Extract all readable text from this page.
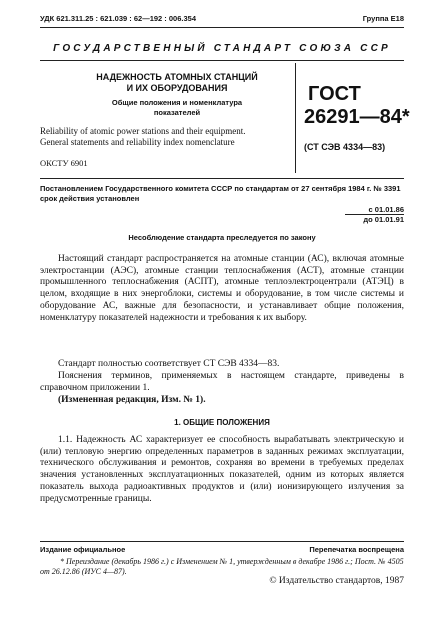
УДК 621.311.25 : 621.039 : 62—192 : 006.354	Группа Е18
ГОСУДАРСТВЕННЫЙ СТАНДАРТ СОЮЗА ССР
НАДЕЖНОСТЬ АТОМНЫХ СТАНЦИЙ
И ИХ ОБОРУДОВАНИЯ
Общие положения и номенклатура
показателей
Reliability of atomic power stations and their equipment.
General statements and reliability index nomenclature
ОКСТУ 6901
ГОСТ
26291—84*
(СТ СЭВ 4334—83)
Постановлением Государственного комитета СССР по стандартам от 27 сентября 1984 г. № 3391 срок действия установлен
с 01.01.86
до 01.01.91
Несоблюдение стандарта преследуется по закону
Настоящий стандарт распространяется на атомные станции (АС), включая атомные электростанции (АЭС), атомные станции теплоснабжения (АСТ), атомные станции промышленного теплоснабжения (АСПТ), атомные теплоэлектроцентрали (АТЭЦ) в целом, входящие в них энергоблоки, системы и оборудование, в том числе системы и оборудование АС, важные для безопасности, и устанавливает общие положения, номенклатуру показателей надежности и требования к их выбору.
Стандарт полностью соответствует СТ СЭВ 4334—83.
Пояснения терминов, применяемых в настоящем стандарте, приведены в справочном приложении 1.
(Измененная редакция, Изм. № 1).
1. ОБЩИЕ ПОЛОЖЕНИЯ
1.1. Надежность АС характеризует ее способность вырабатывать электрическую и (или) тепловую энергию определенных параметров в заданных режимах эксплуатации, технического обслуживания и ремонтов, сохраняя во времени в требуемых пределах значения установленных эксплуатационных показателей, одним из которых является показатель выхода радиоактивных продуктов и (или) ионизирующего излучения за предусмотренные границы.
Издание официальное	Перепечатка воспрещена
* Переиздание (декабрь 1986 г.) с Изменением № 1, утвержденным в декабре 1986 г.; Пост. № 4505 от 26.12.86 (ИУС 4—87).
© Издательство стандартов, 1987
